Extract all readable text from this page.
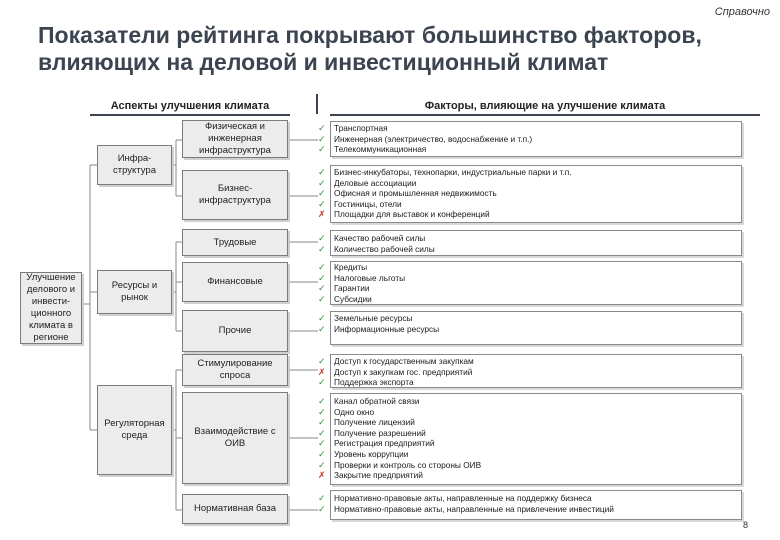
Справочно
Показатели рейтинга покрывают большинство факторов, влияющих на деловой и инвестиционный климат
Аспекты улучшения климата	Факторы, влияющие на улучшение климата
Улучшение делового и инвести-ционного климата в регионе
Инфра-структура
Ресурсы и рынок
Регуляторная среда
Физическая и инженерная инфраструктура
Бизнес-инфраструктура
Трудовые
Финансовые
Прочие
Стимулирование спроса
Взаимодействие с ОИВ
Нормативная база
✓	Транспортная
✓	Инженерная (электричество, водоснабжение и т.п.)
✓	Телекоммуникационная
✓	Бизнес-инкубаторы, технопарки, индустриальные парки и т.п.
✓	Деловые ассоциации
✓	Офисная и промышленная недвижимость
✓	Гостиницы, отели
✗	Площадки для выставок и конференций
✓	Качество рабочей силы
✓	Количество рабочей силы
✓	Кредиты
✓	Налоговые льготы
✓	Гарантии
✓	Субсидии
✓	Земельные ресурсы
✓	Информационные ресурсы
✓	Доступ к государственным закупкам
✗	Доступ к закупкам гос. предприятий
✓	Поддержка экспорта
✓	Канал обратной связи
✓	Одно окно
✓	Получение лицензий
✓	Получение разрешений
✓	Регистрация предприятий
✓	Уровень коррупции
✓	Проверки и контроль со стороны ОИВ
✗	Закрытие предприятий
✓	Нормативно-правовые акты, направленные на поддержку бизнеса
✓	Нормативно-правовые акты, направленные на привлечение инвестиций
8
